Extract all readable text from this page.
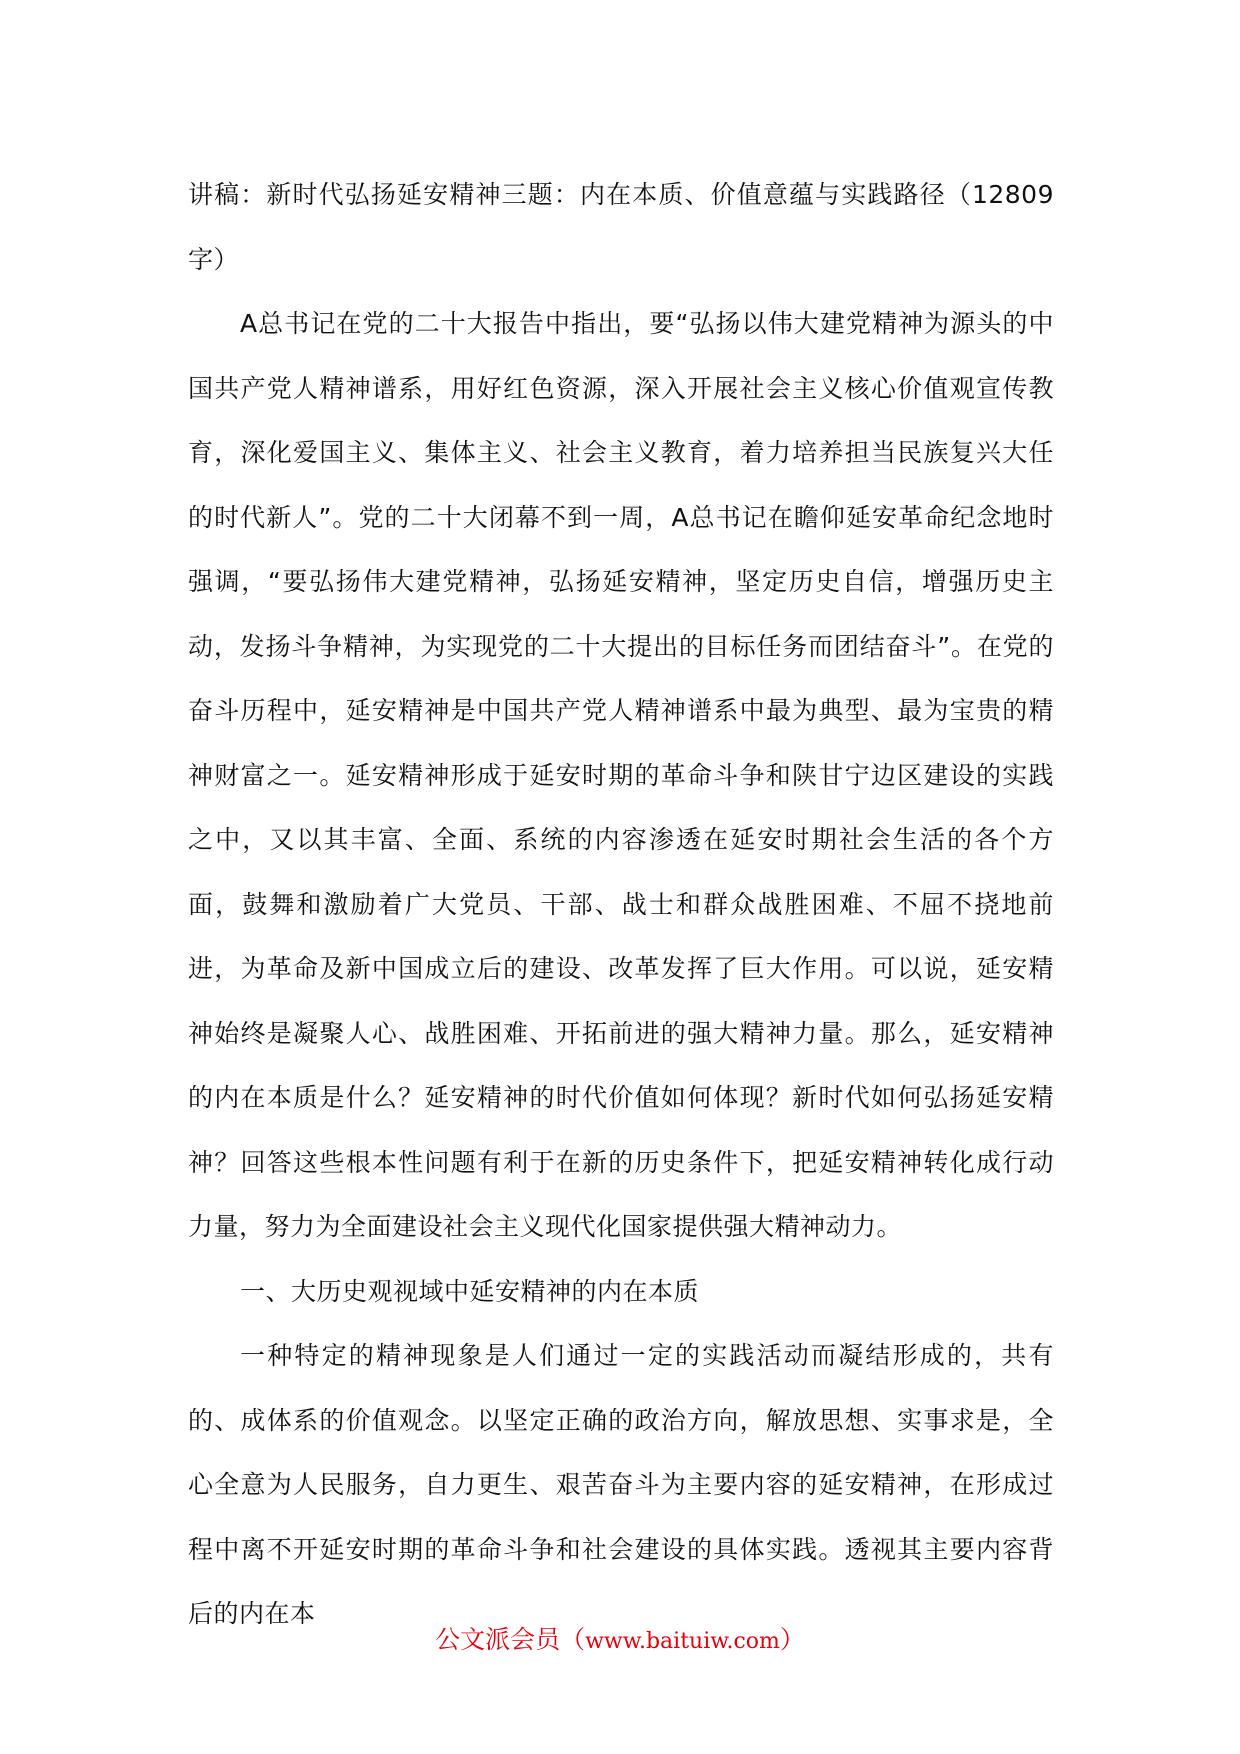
讲稿：新时代弘扬延安精神三题：内在本质、价值意蕴与实践路径（12809字）

A总书记在党的二十大报告中指出，要“弘扬以伟大建党精神为源头的中国共产党人精神谱系，用好红色资源，深入开展社会主义核心价值观宣传教育，深化爱国主义、集体主义、社会主义教育，着力培养担当民族复兴大任的时代新人”。党的二十大闭幕不到一周，A总书记在瞻仰延安革命纪念地时强调，“要弘扬伟大建党精神，弘扬延安精神，坚定历史自信，增强历史主动，发扬斗争精神，为实现党的二十大提出的目标任务而团结奋斗”。在党的奋斗历程中，延安精神是中国共产党人精神谱系中最为典型、最为宝贵的精神财富之一。延安精神形成于延安时期的革命斗争和陕甘宁边区建设的实践之中，又以其丰富、全面、系统的内容渗透在延安时期社会生活的各个方面，鼓舞和激励着广大党员、干部、战士和群众战胜困难、不屈不挠地前进，为革命及新中国成立后的建设、改革发挥了巨大作用。可以说，延安精神始终是凝聚人心、战胜困难、开拓前进的强大精神力量。那么，延安精神的内在本质是什么？延安精神的时代价值如何体现？新时代如何弘扬延安精神？回答这些根本性问题有利于在新的历史条件下，把延安精神转化成行动力量，努力为全面建设社会主义现代化国家提供强大精神动力。

一、大历史观视域中延安精神的内在本质

一种特定的精神现象是人们通过一定的实践活动而凝结形成的，共有的、成体系的价值观念。以坚定正确的政治方向，解放思想、实事求是，全心全意为人民服务，自力更生、艰苦奋斗为主要内容的延安精神，在形成过程中离不开延安时期的革命斗争和社会建设的具体实践。透视其主要内容背后的内在本

公文派会员（www.baituiw.com）
